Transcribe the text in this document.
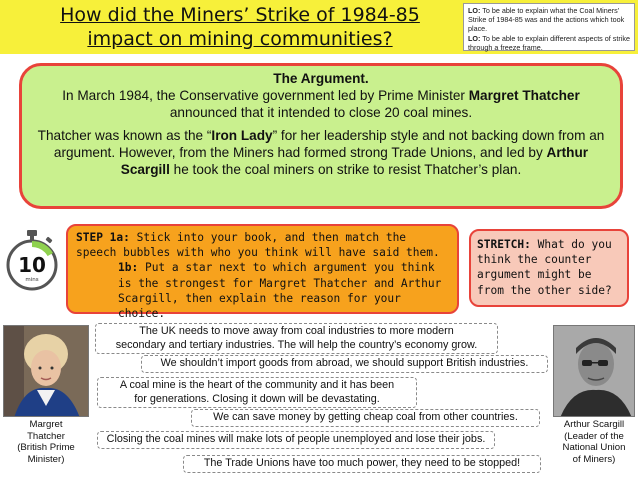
How did the Miners’ Strike of 1984-85
impact on mining communities?
LO: To be able to explain what the Coal Miners’ Strike of 1984-85 was and the actions which took place.
LO: To be able to explain different aspects of strike through a freeze frame.
The Argument.

In March 1984, the Conservative government led by Prime Minister Margret Thatcher announced that it intended to close 20 coal mines.

Thatcher was known as the “Iron Lady” for her leadership style and not backing down from an argument. However, from the Miners had formed strong Trade Unions, and led by Arthur Scargill he took the coal miners on strike to resist Thatcher’s plan.

10
mins
STEP 1a: Stick into your book, and then match the speech bubbles with who you think will have said them.
1b: Put a star next to which argument you think is the strongest for Margret Thatcher and Arthur Scargill, then explain the reason for your choice.
STRETCH: What do you think the counter argument might be from the other side?
Margret
Thatcher
(British Prime
Minister)
Arthur Scargill
(Leader of the
National Union
of Miners)
The UK needs to move away from coal industries to more modern
secondary and tertiary industries. The will help the country’s economy grow.
We shouldn’t import goods from abroad, we should support British industries.
A coal mine is the heart of the community and it has been
for generations. Closing it down will be devastating.
We can save money by getting cheap coal from other countries.
Closing the coal mines will make lots of people unemployed and lose their jobs.
The Trade Unions have too much power, they need to be stopped!
